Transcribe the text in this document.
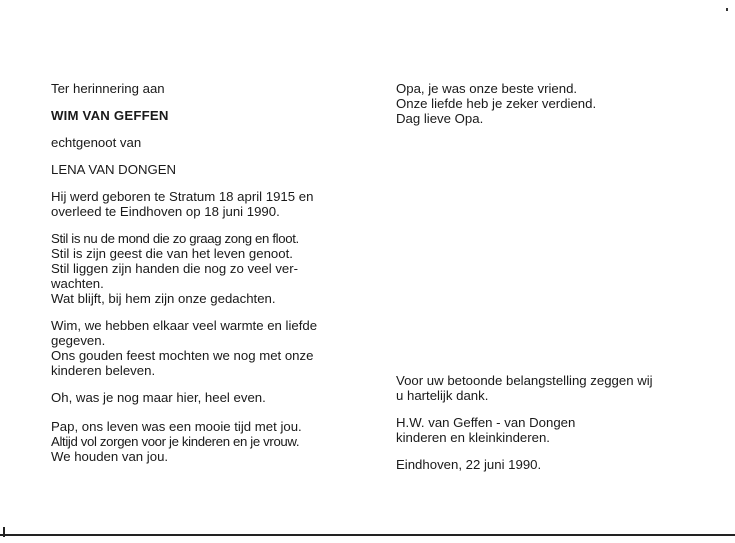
Ter herinnering aan

WIM VAN GEFFEN

echtgenoot van

LENA VAN DONGEN

Hij werd geboren te Stratum 18 april 1915 en

overleed te Eindhoven op 18 juni 1990.

Stil is nu de mond die zo graag zong en floot.

Stil is zijn geest die van het leven genoot.

Stil liggen zijn handen die nog zo veel ver-

wachten.

Wat blijft, bij hem zijn onze gedachten.

Wim, we hebben elkaar veel warmte en liefde

gegeven.

Ons gouden feest mochten we nog met onze

kinderen beleven.

Oh, was je nog maar hier, heel even.

Pap, ons leven was een mooie tijd met jou.

Altijd vol zorgen voor je kinderen en je vrouw.

We houden van jou.

Opa, je was onze beste vriend.

Onze liefde heb je zeker verdiend.

Dag lieve Opa.

Voor uw betoonde belangstelling zeggen wij

u hartelijk dank.

H.W. van Geffen - van Dongen

kinderen en kleinkinderen.

Eindhoven, 22 juni 1990.
